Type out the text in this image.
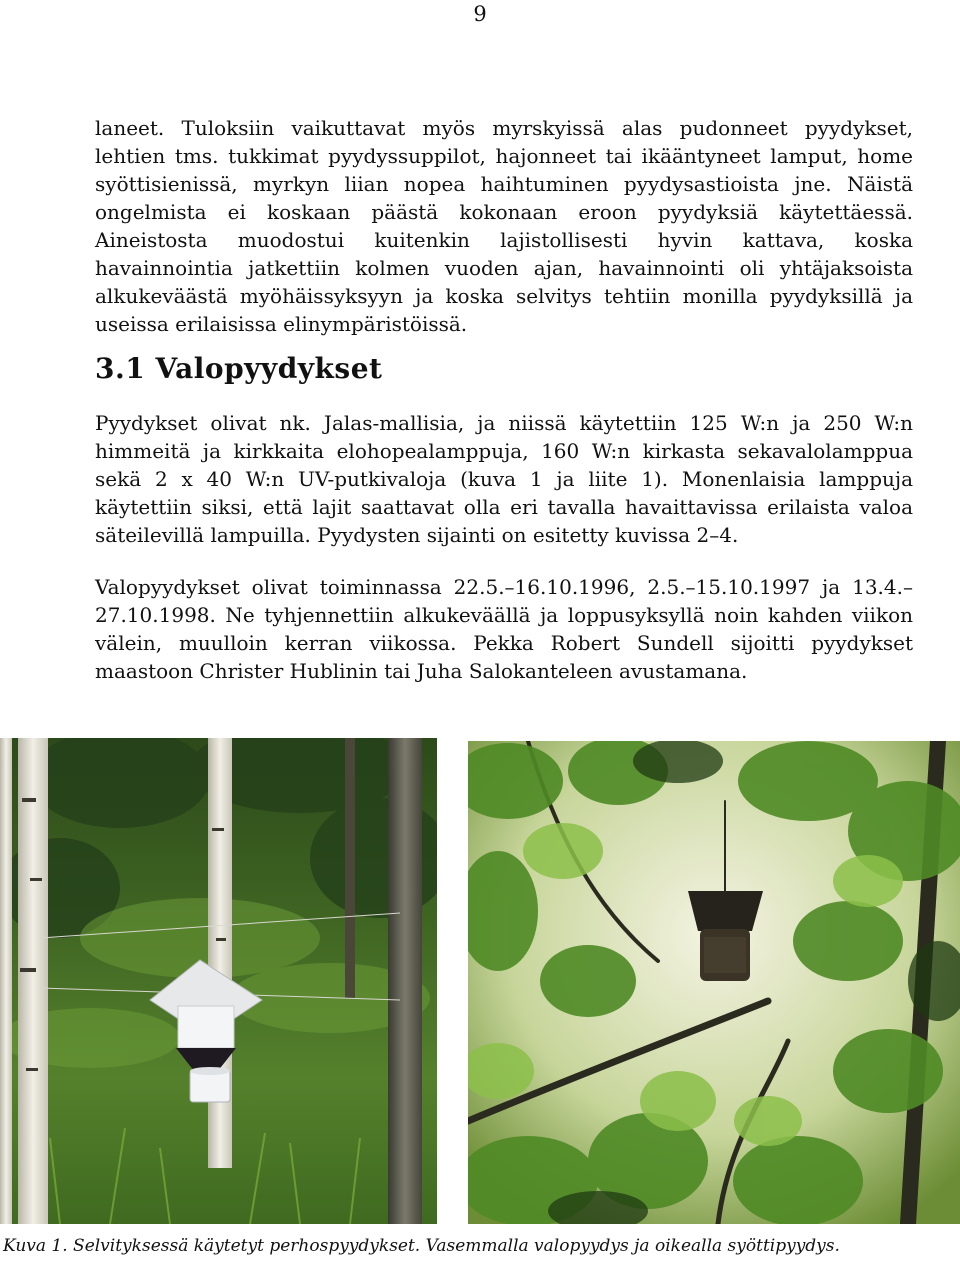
9
laneet. Tuloksiin vaikuttavat myös myrskyissä alas pudonneet pyydykset, lehtien tms. tukkimat pyydyssuppilot, hajonneet tai ikääntyneet lamput, home syöttisienissä, myrkyn liian nopea haihtuminen pyydysastioista jne. Näistä ongelmista ei koskaan päästä kokonaan eroon pyydyksiä käytettäessä. Aineistosta muodostui kuitenkin lajistollisesti hyvin kattava, koska havainnointia jatkettiin kolmen vuoden ajan, havainnointi oli yhtäjaksoista alkukeväästä myöhäissyksyyn ja koska selvitys tehtiin monilla pyydyksillä ja useissa erilaisissa elinympäristöissä.
3.1 Valopyydykset
Pyydykset olivat nk. Jalas-mallisia, ja niissä käytettiin 125 W:n ja 250 W:n himmeitä ja kirkkaita elohopealamppuja, 160 W:n kirkasta sekavalolamppua sekä 2 x 40 W:n UV-putkivaloja (kuva 1 ja liite 1). Monenlaisia lamppuja käytettiin siksi, että lajit saattavat olla eri tavalla havaittavissa erilaista valoa säteilevillä lampuilla. Pyydysten sijainti on esitetty kuvissa 2–4.
Valopyydykset olivat toiminnassa 22.5.–16.10.1996, 2.5.–15.10.1997 ja 13.4.–27.10.1998. Ne tyhjennettiin alkukeväällä ja loppusyksyllä noin kahden viikon välein, muulloin kerran viikossa. Pekka Robert Sundell sijoitti pyydykset maastoon Christer Hublinin tai Juha Salokanteleen avustamana.
Kuva 1. Selvityksessä käytetyt perhospyydykset. Vasemmalla valopyydys ja oikealla syöttipyydys.
